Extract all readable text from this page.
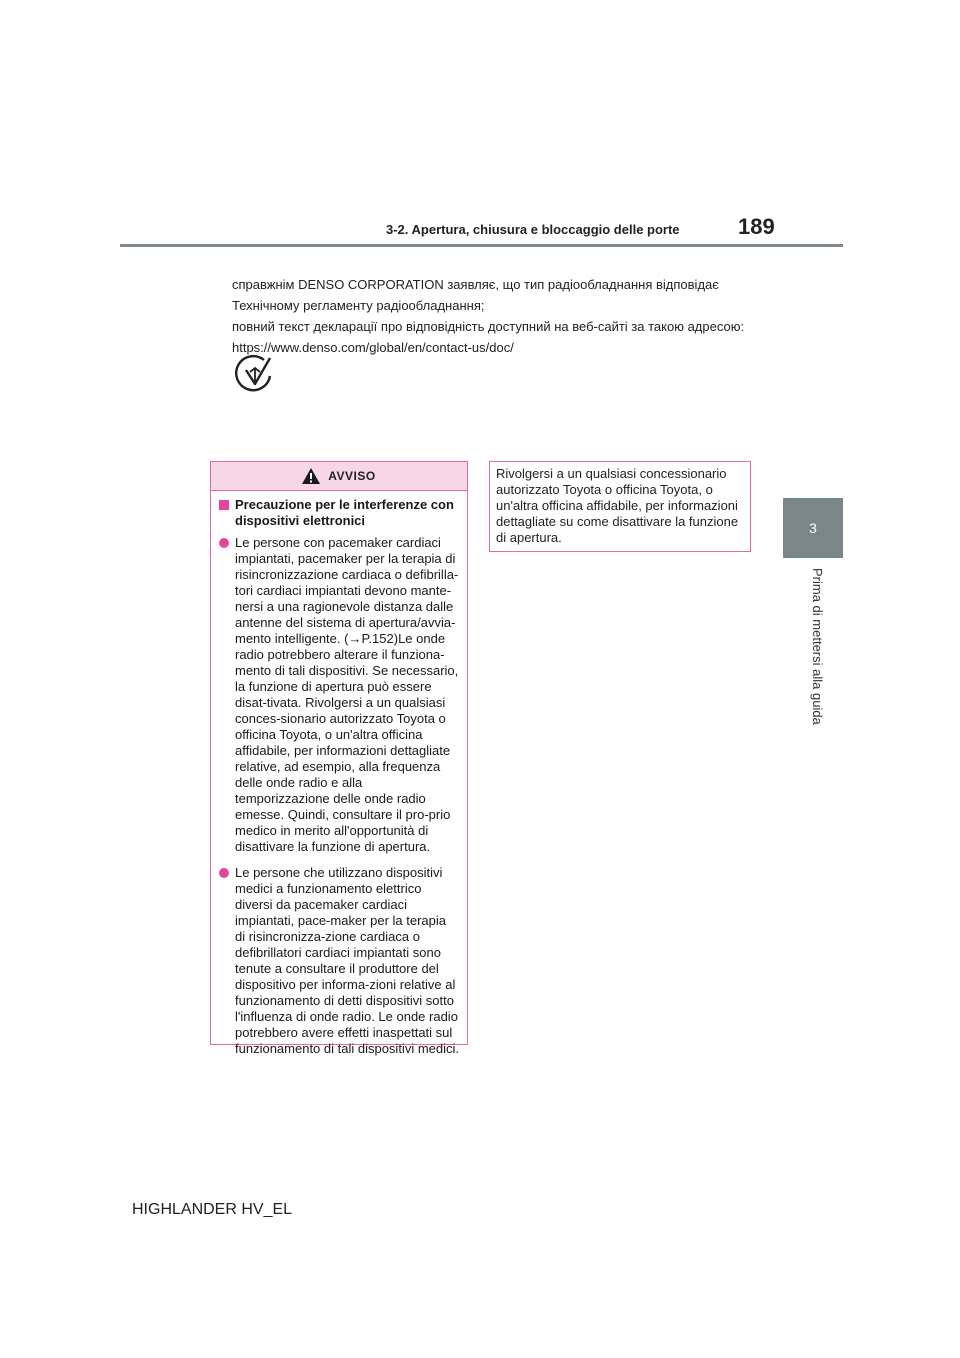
3-2. Apertura, chiusura e bloccaggio delle porte	189
3
Prima di mettersi alla guida

справжнім DENSO CORPORATION заявляє, що тип радіообладнання відповідає

Технічному регламенту радіообладнання;

повний текст декларації про відповідність доступний на веб-сайті за такою адресою:

https://www.denso.com/global/en/contact-us/doc/

AVVISO
Precauzione per le interferenze con dispositivi elettronici
Le persone con pacemaker cardiaci impiantati, pacemaker per la terapia di risincronizzazione cardiaca o defibrilla-tori cardiaci impiantati devono mante-nersi a una ragionevole distanza dalle antenne del sistema di apertura/avvia-mento intelligente. (→P.152)Le onde radio potrebbero alterare il funziona-mento di tali dispositivi. Se necessario, la funzione di apertura può essere disat-tivata. Rivolgersi a un qualsiasi conces-sionario autorizzato Toyota o officina Toyota, o un'altra officina affidabile, per informazioni dettagliate relative, ad esempio, alla frequenza delle onde radio e alla temporizzazione delle onde radio emesse. Quindi, consultare il pro-prio medico in merito all'opportunità di disattivare la funzione di apertura.
Le persone che utilizzano dispositivi medici a funzionamento elettrico diversi da pacemaker cardiaci impiantati, pace-maker per la terapia di risincronizza-zione cardiaca o defibrillatori cardiaci impiantati sono tenute a consultare il produttore del dispositivo per informa-zioni relative al funzionamento di detti dispositivi sotto l'influenza di onde radio. Le onde radio potrebbero avere effetti inaspettati sul funzionamento di tali dispositivi medici.
Rivolgersi a un qualsiasi concessionario autorizzato Toyota o officina Toyota, o un'altra officina affidabile, per informazioni dettagliate su come disattivare la funzione di apertura.
HIGHLANDER HV_EL
